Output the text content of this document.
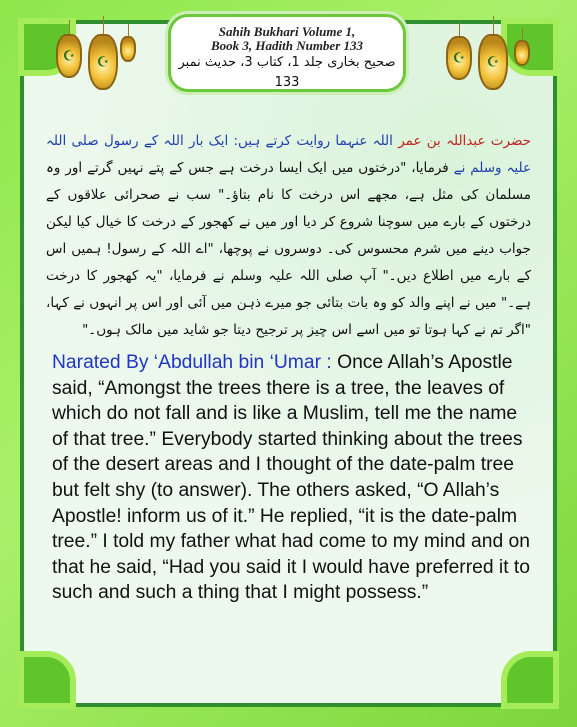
☪ ☪	☪ ☪
Sahih Bukhari Volume 1,
Book 3, Hadith Number 133
صحیح بخاری جلد 1، کتاب 3، حدیث نمبر 133
حضرت عبداللہ بن عمر اللہ عنہما روایت کرتے ہیں: ایک بار اللہ کے رسول صلی اللہ علیہ وسلم نے فرمایا، "درختوں میں ایک ایسا درخت ہے جس کے پتے نہیں گرتے اور وہ مسلمان کی مثل ہے، مجھے اس درخت کا نام بتاؤ۔" سب نے صحرائی علاقوں کے درختوں کے بارے میں سوچنا شروع کر دیا اور میں نے کھجور کے درخت کا خیال کیا لیکن جواب دینے میں شرم محسوس کی۔ دوسروں نے پوچھا، "اے اللہ کے رسول! ہمیں اس کے بارے میں اطلاع دیں۔" آپ صلی اللہ علیہ وسلم نے فرمایا، "یہ کھجور کا درخت ہے۔" میں نے اپنے والد کو وہ بات بتائی جو میرے ذہن میں آئی اور اس پر انہوں نے کہا، "اگر تم نے کہا ہوتا تو میں اسے اس چیز پر ترجیح دیتا جو شاید میں مالک ہوں۔"
Narated By ‘Abdullah bin ‘Umar : Once Allah’s Apostle said, “Amongst the trees there is a tree, the leaves of which do not fall and is like a Muslim, tell me the name of that tree.” Everybody started thinking about the trees of the desert areas and I thought of the date-palm tree but felt shy (to answer). The others asked, “O Allah’s Apostle! inform us of it.” He replied, “it is the date-palm tree.” I told my father what had come to my mind and on that he said, “Had you said it I would have preferred it to such and such a thing that I might possess.”
